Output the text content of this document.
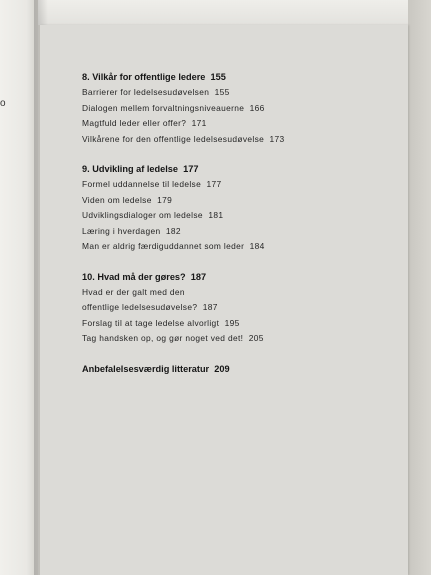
o

8. Vilkår for offentlige ledere 155

Barrierer for ledelsesudøvelsen 155

Dialogen mellem forvaltningsniveauerne 166

Magtfuld leder eller offer? 171

Vilkårene for den offentlige ledelsesudøvelse 173

9. Udvikling af ledelse 177

Formel uddannelse til ledelse 177

Viden om ledelse 179

Udviklingsdialoger om ledelse 181

Læring i hverdagen 182

Man er aldrig færdiguddannet som leder 184

10. Hvad må der gøres? 187

Hvad er der galt med den

offentlige ledelsesudøvelse? 187

Forslag til at tage ledelse alvorligt 195

Tag handsken op, og gør noget ved det! 205

Anbefalelsesværdig litteratur 209
